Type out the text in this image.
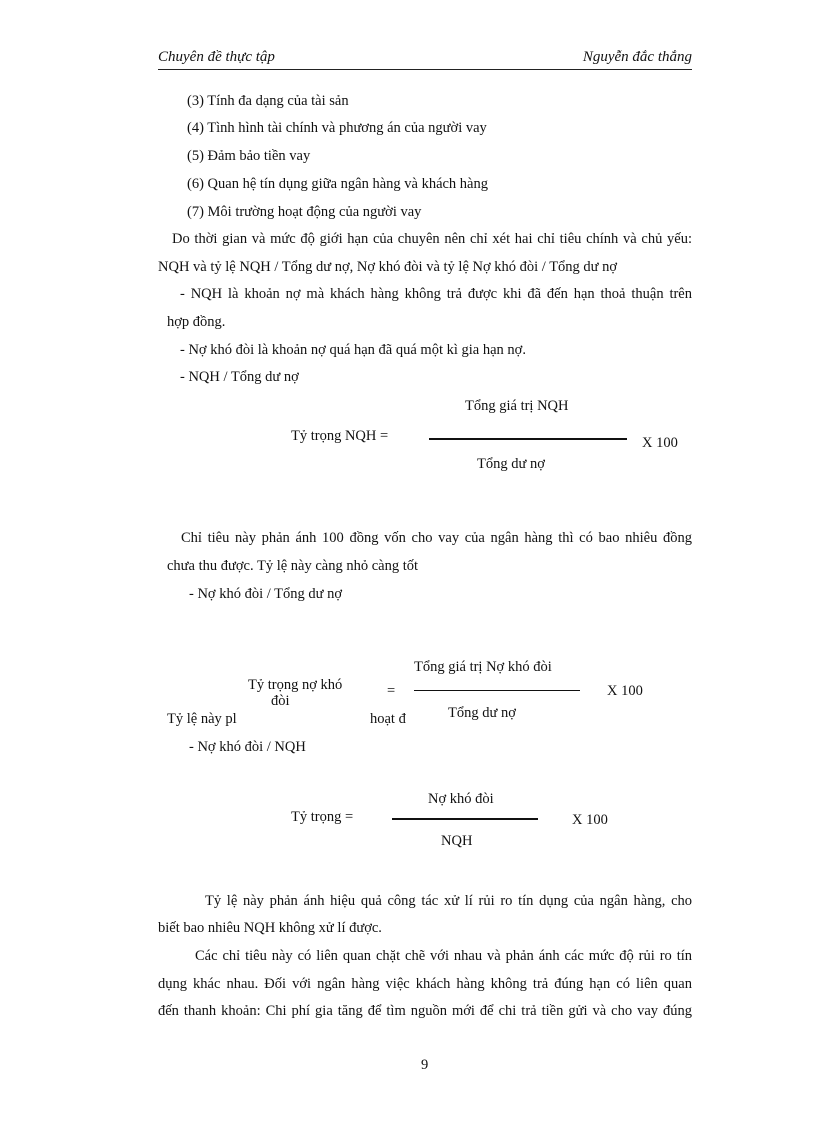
Chuyên đề thực tập	Nguyễn đắc thắng
(3) Tính đa dạng của tài sản
(4) Tình hình tài chính và phương án của người vay
(5) Đảm bảo tiền vay
(6) Quan hệ tín dụng giữa ngân hàng và khách hàng
(7) Môi trường hoạt động của người vay
Do thời gian và mức độ giới hạn của chuyên nên chỉ xét hai chỉ tiêu chính và chủ yếu:
NQH và tỷ lệ NQH / Tổng dư nợ, Nợ khó đòi và tỷ lệ Nợ khó đòi / Tổng dư nợ
- NQH là khoản nợ mà khách hàng không trả được khi đã đến hạn thoả thuận trên
hợp đồng.
- Nợ khó đòi là khoản nợ quá hạn đã quá một kì gia hạn nợ.
- NQH / Tổng dư nợ
Tổng giá trị NQH
Tỷ trọng NQH =	X 100
Tổng dư nợ
Chỉ tiêu này phản ánh 100 đồng vốn cho vay của ngân hàng thì có bao nhiêu đồng
chưa thu được. Tỷ lệ này càng nhỏ càng tốt
- Nợ khó đòi / Tổng dư nợ
Tổng giá trị Nợ khó đòi
Tỷ trọng nợ khó	=	X 100
đòi
Tỷ lệ này pl	hoạt đ	Tổng dư nợ
- Nợ khó đòi / NQH
Nợ khó đòi
Tỷ trọng =	X 100
NQH
Tỷ lệ này phản ánh hiệu quả công tác xử lí rủi ro tín dụng của ngân hàng, cho
biết bao nhiêu NQH không xử lí được.
Các chỉ tiêu này có liên quan chặt chẽ với nhau và phản ánh các mức độ rủi ro tín
dụng khác nhau. Đối với ngân hàng việc khách hàng không trả đúng hạn có liên quan
đến thanh khoản: Chi phí gia tăng để tìm nguồn mới để chi trả tiền gửi và cho vay đúng
9
